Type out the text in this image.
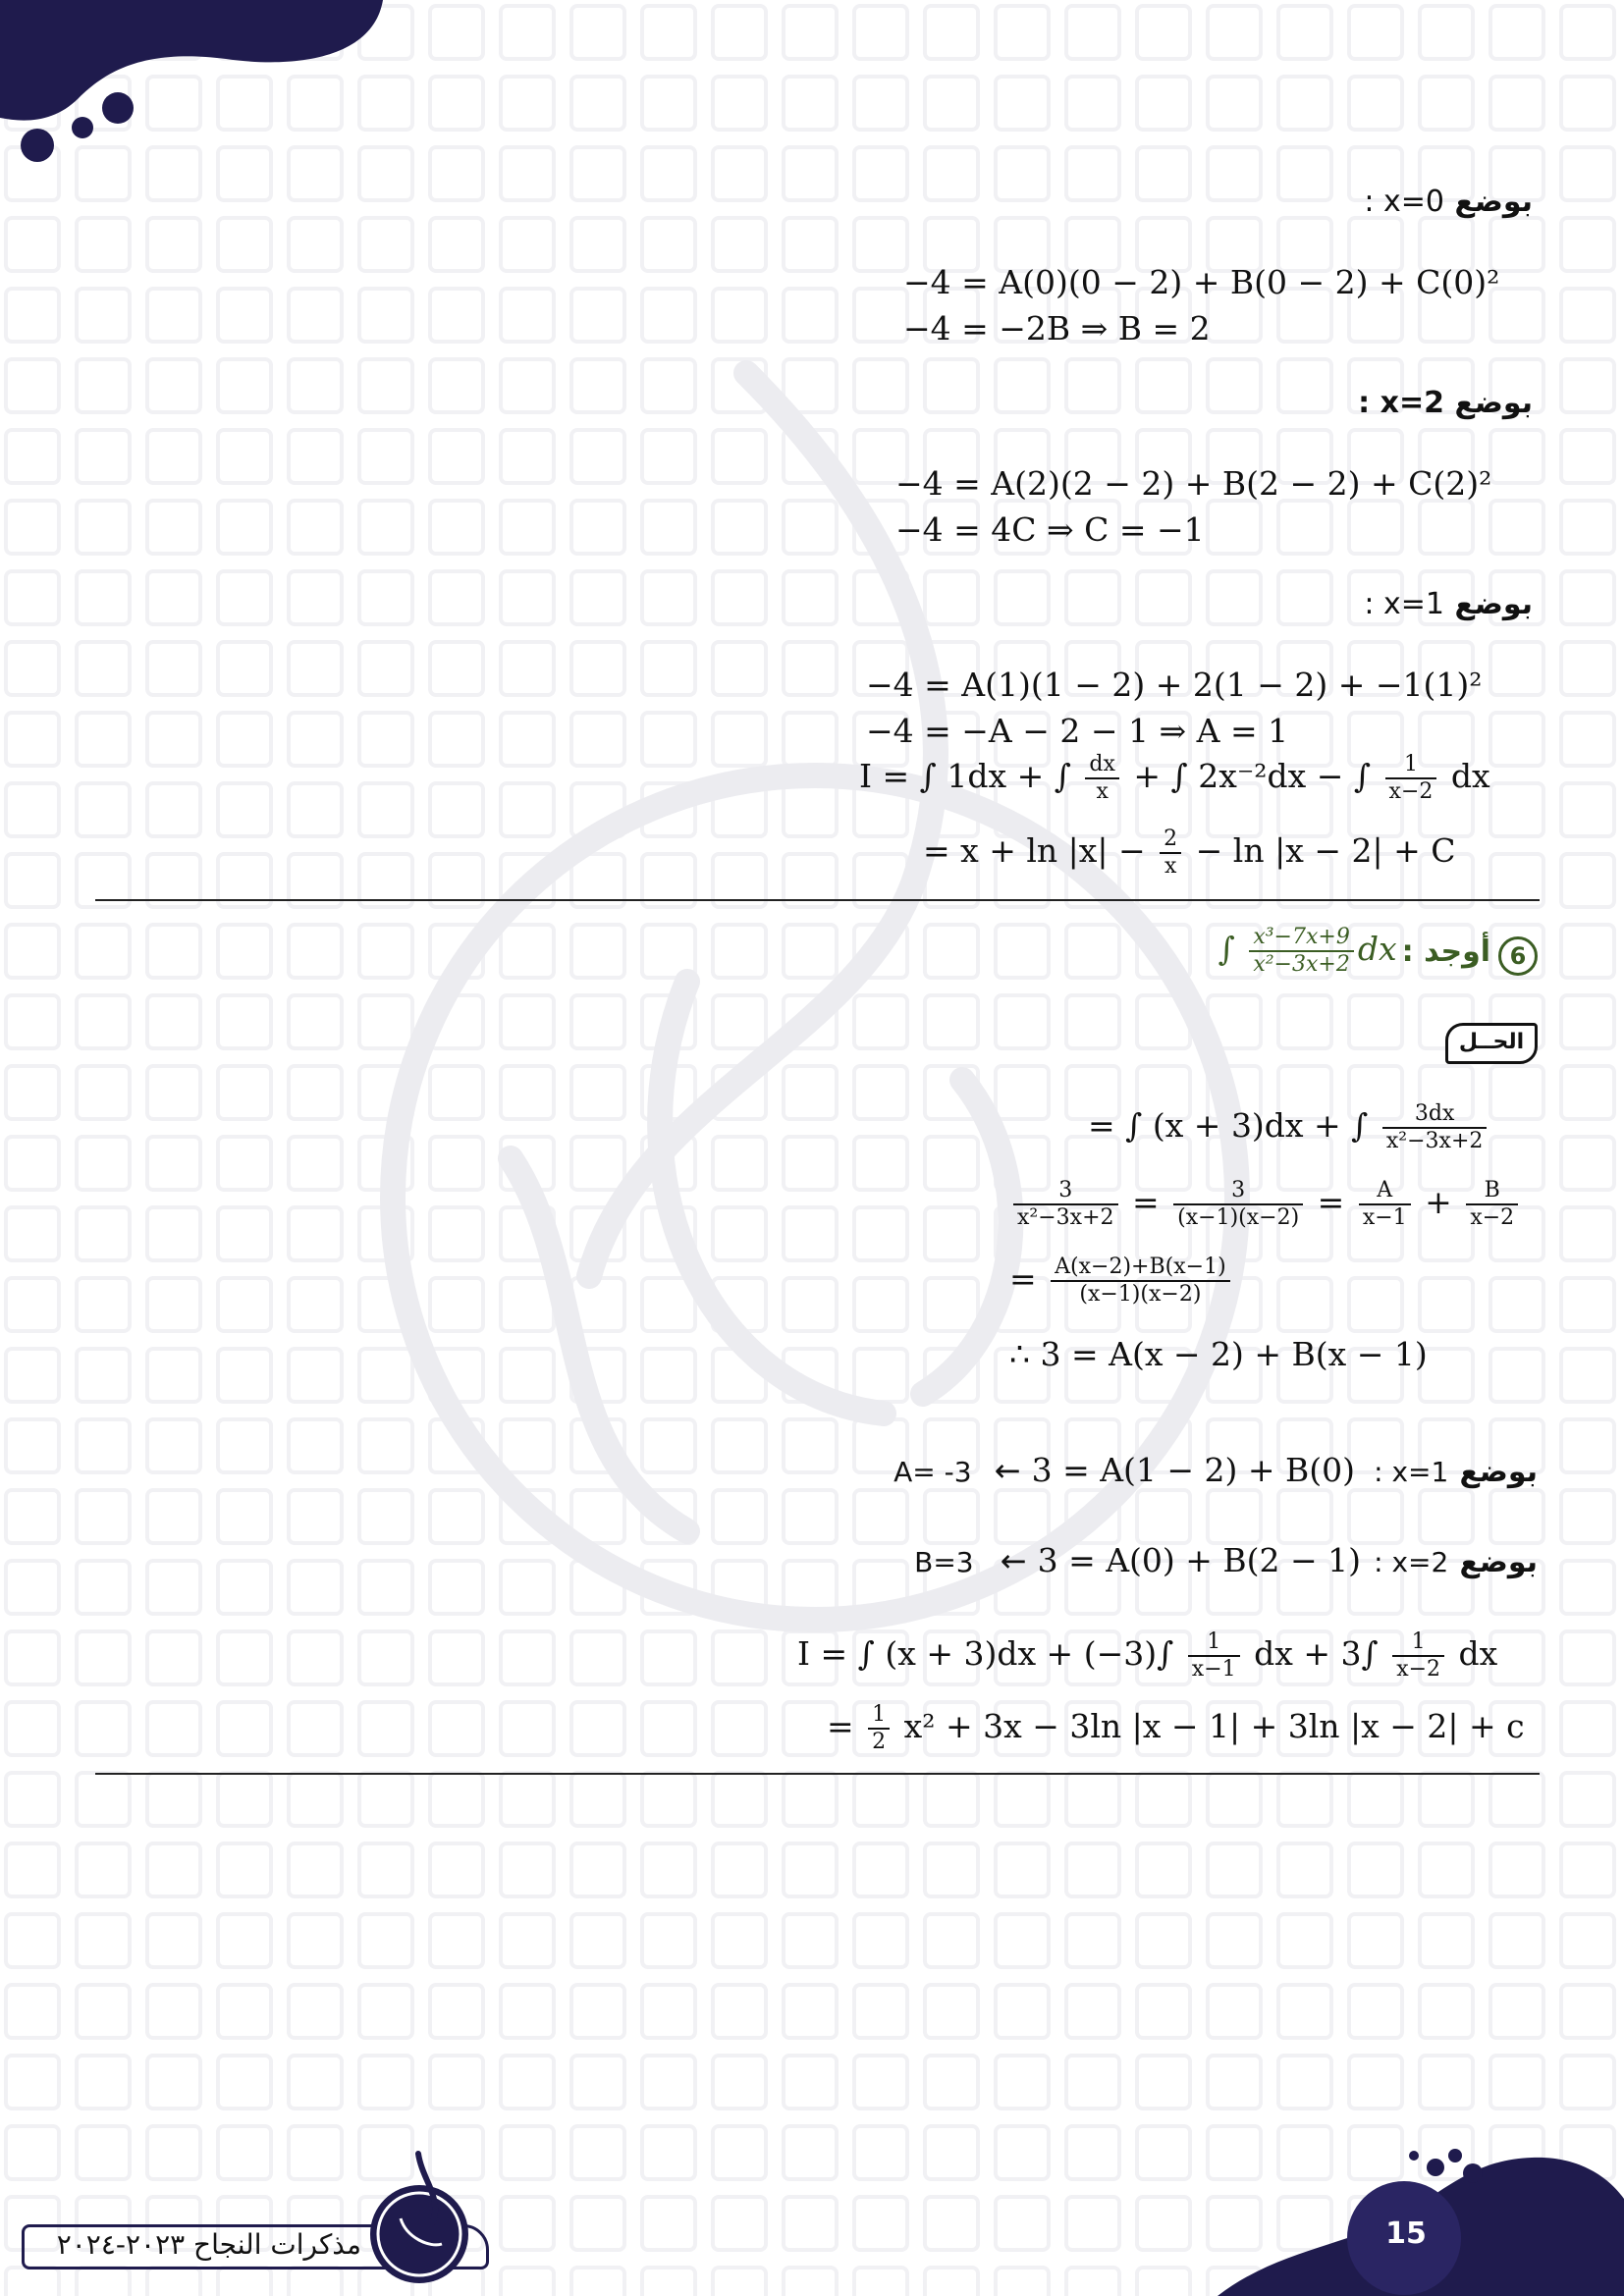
بوضع x=0 :
−4 = A(0)(0 − 2) + B(0 − 2) + C(0)²
−4 = −2B ⇒ B = 2
بوضع x=2 :
−4 = A(2)(2 − 2) + B(2 − 2) + C(2)²
−4 = 4C ⇒ C = −1
بوضع x=1 :
−4 = A(1)(1 − 2) + 2(1 − 2) + −1(1)²
−4 = −A − 2 − 1 ⇒ A = 1
I = ∫ 1dx + ∫ $\frac{dx}{x}$ + ∫ 2x⁻²dx − ∫ $\frac{1}{x-2}$ dx
= $x + \ln |x| - \frac{2}{x} - \ln |x - 2| + C$
6
أوجد : ∫ $\frac{\text{x³−7x+9}}{\text{x²−3x+2}}$ dx
الحــل
= ∫ (x + 3)dx + ∫ $\frac{3dx}{\text{x²−3x+2}}$
$\frac{3}{\text{x²−3x+2}} = \frac{3}{(x-1)(x-2)} = \frac{A}{x-1} + \frac{B}{x-2}$
= $\frac{A(x-2)+B(x-1)}{(x-1)(x-2)}$
∴ 3 = A(x − 2) + B(x − 1)
بوضع x=1 : 3 = A(1 − 2) + B(0) ← A= -3
بوضع x=2 : 3 = A(0) + B(2 − 1) ← B=3
I = ∫ $(x + 3)dx + (-3)\int \frac{1}{x-1}$ dx + $3\int \frac{1}{x-2}$ dx
= $\frac{1}{2} x^2 + 3x - 3\ln$ |x − 1| + 3ln |x − 2| + c
مذكرات النجاح ٢٠٢٣-٢٠٢٤	15
